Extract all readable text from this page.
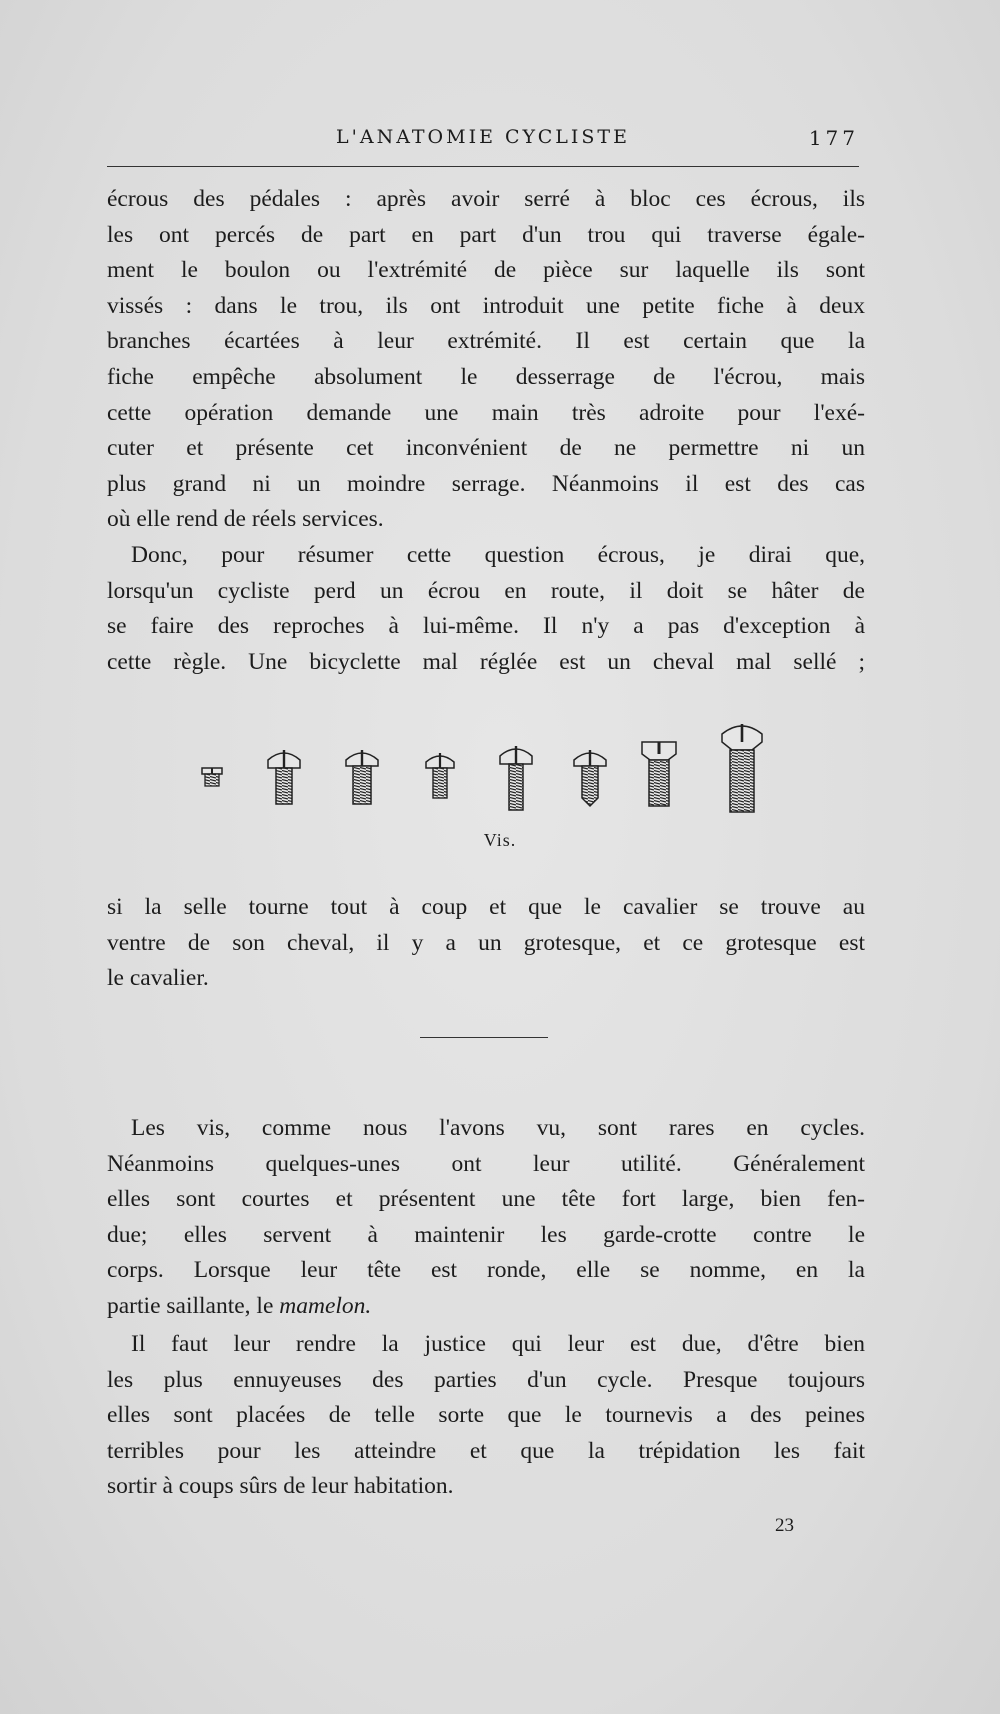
L'ANATOMIE CYCLISTE	177

écrous des pédales : après avoir serré à bloc ces écrous, ils

les ont percés de part en part d'un trou qui traverse égale-

ment le boulon ou l'extrémité de pièce sur laquelle ils sont

vissés : dans le trou, ils ont introduit une petite fiche à deux

branches écartées à leur extrémité. Il est certain que la

fiche empêche absolument le desserrage de l'écrou, mais

cette opération demande une main très adroite pour l'exé-

cuter et présente cet inconvénient de ne permettre ni un

plus grand ni un moindre serrage. Néanmoins il est des cas

où elle rend de réels services.

Donc, pour résumer cette question écrous, je dirai que,

lorsqu'un cycliste perd un écrou en route, il doit se hâter de

se faire des reproches à lui-même. Il n'y a pas d'exception à

cette règle. Une bicyclette mal réglée est un cheval mal sellé ;

Vis.

si la selle tourne tout à coup et que le cavalier se trouve au

ventre de son cheval, il y a un grotesque, et ce grotesque est

le cavalier.

Les vis, comme nous l'avons vu, sont rares en cycles.

Néanmoins quelques-unes ont leur utilité. Généralement

elles sont courtes et présentent une tête fort large, bien fen-

due; elles servent à maintenir les garde-crotte contre le

corps. Lorsque leur tête est ronde, elle se nomme, en la

partie saillante, le mamelon.

Il faut leur rendre la justice qui leur est due, d'être bien

les plus ennuyeuses des parties d'un cycle. Presque toujours

elles sont placées de telle sorte que le tournevis a des peines

terribles pour les atteindre et que la trépidation les fait

sortir à coups sûrs de leur habitation.

23
